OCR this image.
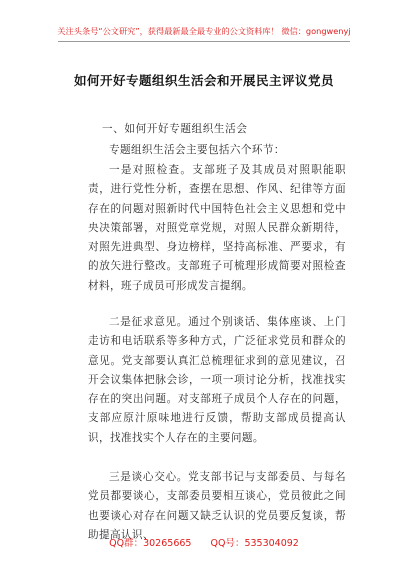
关注头条号“公文研究”，获得最新最全最专业的公文资料库！ 微信：gongwenyj
如何开好专题组织生活会和开展民主评议党员
一、如何开好专题组织生活会
专题组织生活会主要包括六个环节：
一是对照检查。支部班子及其成员对照职能职责，进行党性分析，查摆在思想、作风、纪律等方面存在的问题对照新时代中国特色社会主义思想和党中央决策部署，对照党章党规，对照人民群众新期待，对照先进典型、身边榜样，坚持高标准、严要求，有的放矢进行整改。支部班子可梳理形成简要对照检查材料，班子成员可形成发言提纲。
二是征求意见。通过个别谈话、集体座谈、上门走访和电话联系等多种方式，广泛征求党员和群众的意见。党支部要认真汇总梳理征求到的意见建议，召开会议集体把脉会诊，一项一项讨论分析，找准找实存在的突出问题。对支部班子成员个人存在的问题，支部应原汁原味地进行反馈，帮助支部成员提高认识，找准找实个人存在的主要问题。
三是谈心交心。党支部书记与支部委员、与每名党员都要谈心，支部委员要相互谈心，党员彼此之间也要谈心对存在问题又缺乏认识的党员要反复谈，帮助提高认识、
QQ群：30265665 QQ号：535304092
